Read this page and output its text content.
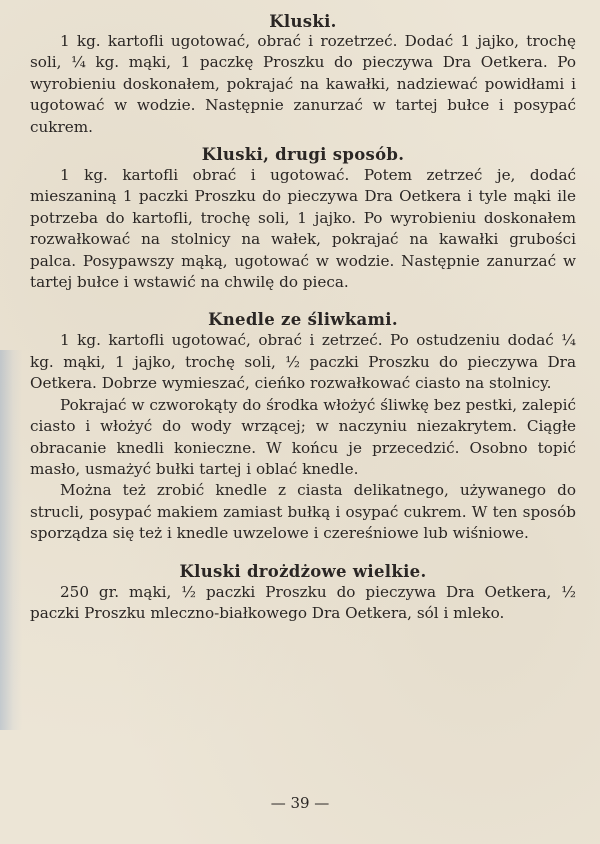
Kluski.

1 kg. kartofli ugotować, obrać i rozetrzeć. Dodać 1 jajko, trochę soli, ¼ kg. mąki, 1 paczkę Proszku do pieczywa Dra Oetkera. Po wyrobieniu doskonałem, pokrajać na kawałki, nadziewać powidłami i ugotować w wodzie. Następnie zanurzać w tartej bułce i posypać cukrem.

Kluski, drugi sposób.

1 kg. kartofli obrać i ugotować. Potem zetrzeć je, dodać mieszaniną 1 paczki Proszku do pieczywa Dra Oetkera i tyle mąki ile potrzeba do kartofli, trochę soli, 1 jajko. Po wyrobieniu doskonałem rozwałkować na stolnicy na wałek, pokrajać na kawałki grubości palca. Posypawszy mąką, ugotować w wodzie. Następnie zanurzać w tartej bułce i wstawić na chwilę do pieca.

Knedle ze śliwkami.

1 kg. kartofli ugotować, obrać i zetrzeć. Po ostudzeniu dodać ¼ kg. mąki, 1 jajko, trochę soli, ½ paczki Proszku do pieczywa Dra Oetkera. Dobrze wymieszać, cieńko rozwałkować ciasto na stolnicy.

Pokrajać w czworokąty do środka włożyć śliwkę bez pestki, zalepić ciasto i włożyć do wody wrzącej; w naczyniu niezakrytem. Ciągłe obracanie knedli konieczne. W końcu je przecedzić. Osobno topić masło, usmażyć bułki tartej i oblać knedle.

Można też zrobić knedle z ciasta delikatnego, używanego do strucli, posypać makiem zamiast bułką i osypać cukrem. W ten sposób sporządza się też i knedle uwzelowe i czereśniowe lub wiśniowe.

Kluski drożdżowe wielkie.

250 gr. mąki, ½ paczki Proszku do pieczywa Dra Oetkera, ½ paczki Proszku mleczno-białkowego Dra Oetkera, sól i mleko.

— 39 —
